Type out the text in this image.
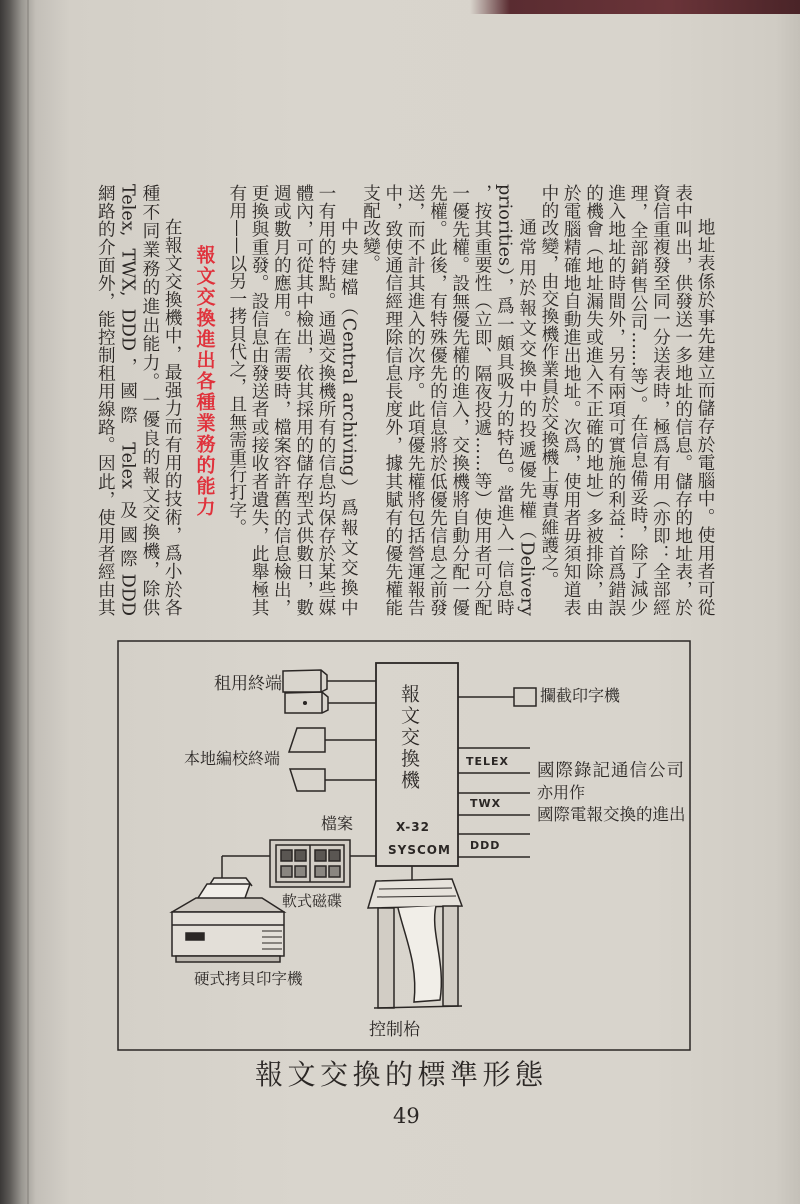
地址表係於事先建立而儲存於電腦中。使用者可從
表中叫出，供發送一多地址的信息。儲存的地址表，於
資信重複發至同一分送表時，極爲有用（亦即：全部經
理，全部銷售公司……等）。在信息備妥時，除了減少
進入地址的時間外，另有兩項可實施的利益：首爲錯誤
的機會（地址漏失或進入不正確的地址）多被排除，由
於電腦精確地自動進出地址。次爲，使用者毋須知道表
中的改變，由交換機作業員於交換機上專責維護之。
通常用於報文交換中的投遞優先權（Delivery
priorities），爲一頗具吸力的特色。當進入一信息時
，按其重要性（立即、隔夜投遞……等）使用者可分配
一優先權。設無優先權的進入，交換機將自動分配一優
先權。此後，有特殊優先的信息將於低優先信息之前發
送，而不計其進入的次序。此項優先權將包括營運報告
中，致使通信經理除信息長度外，據其賦有的優先權能
支配改變。
中央建檔（Central archiving）爲報文交換中
一有用的特點。通過交換機所有的信息均保存於某些媒
體內，可從其中檢出，依其採用的儲存型式供數日，數
週或數月的應用。在需要時，檔案容許舊的信息檢出，
更換與重發。設信息由發送者或接收者遺失，此舉極其
有用——以另一拷貝代之，且無需重行打字。
報文交換進出各種業務的能力
在報文交換機中，最强力而有用的技術，爲小於各
種不同業務的進出能力。一優良的報文交換機，除供
Telex, TWX, DDD，國際 Telex 及國際DDD
網路的介面外，能控制租用線路。因此，使用者經由其
租用終端
本地編校終端	報文交換機
X-32
SYSCOM
檔案
軟式磁碟
硬式拷貝印字機
控制枱
攔截印字機
TELEX
TWX
DDD
國際錄記通信公司
亦用作
國際電報交換的進出
報文交換的標準形態
49
